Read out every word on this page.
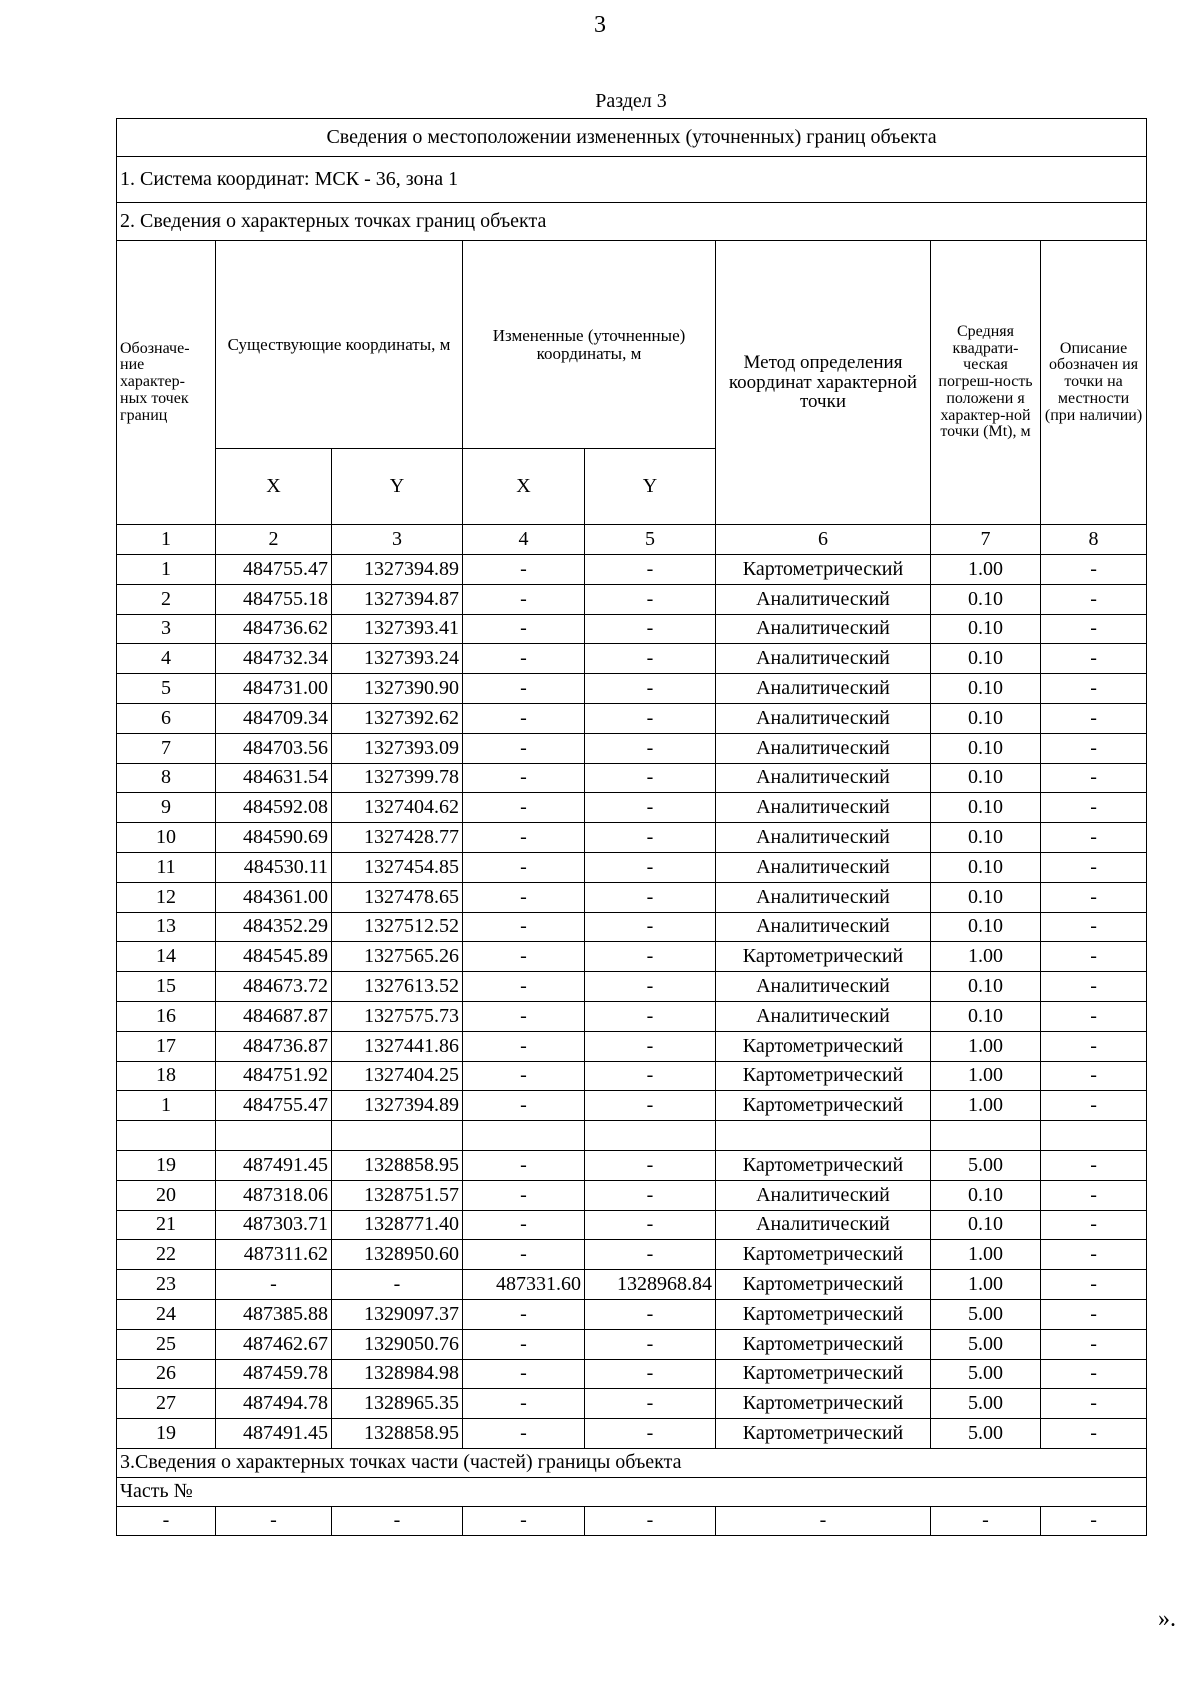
3
Раздел 3
Сведения о местоположении измененных (уточненных) границ объекта							
1. Система координат: МСК - 36, зона 1							
2. Сведения о характерных точках границ объекта							
Обозначе-ние характер-ных точек границ	Существующие координаты, м		Измененные (уточненные) координаты, м		Метод определения координат характерной точки	Средняя квадрати-ческая погреш-ность положени я характер-ной точки (Mt), м	Описание обозначен ия точки на местности (при наличии)
	X	Y	X	Y			
1	2	3	4	5	6	7	8
1	484755.47	1327394.89	-	-	Картометрический	1.00	-
2	484755.18	1327394.87	-	-	Аналитический	0.10	-
3	484736.62	1327393.41	-	-	Аналитический	0.10	-
4	484732.34	1327393.24	-	-	Аналитический	0.10	-
5	484731.00	1327390.90	-	-	Аналитический	0.10	-
6	484709.34	1327392.62	-	-	Аналитический	0.10	-
7	484703.56	1327393.09	-	-	Аналитический	0.10	-
8	484631.54	1327399.78	-	-	Аналитический	0.10	-
9	484592.08	1327404.62	-	-	Аналитический	0.10	-
10	484590.69	1327428.77	-	-	Аналитический	0.10	-
11	484530.11	1327454.85	-	-	Аналитический	0.10	-
12	484361.00	1327478.65	-	-	Аналитический	0.10	-
13	484352.29	1327512.52	-	-	Аналитический	0.10	-
14	484545.89	1327565.26	-	-	Картометрический	1.00	-
15	484673.72	1327613.52	-	-	Аналитический	0.10	-
16	484687.87	1327575.73	-	-	Аналитический	0.10	-
17	484736.87	1327441.86	-	-	Картометрический	1.00	-
18	484751.92	1327404.25	-	-	Картометрический	1.00	-
1	484755.47	1327394.89	-	-	Картометрический	1.00	-

19	487491.45	1328858.95	-	-	Картометрический	5.00	-
20	487318.06	1328751.57	-	-	Аналитический	0.10	-
21	487303.71	1328771.40	-	-	Аналитический	0.10	-
22	487311.62	1328950.60	-	-	Картометрический	1.00	-
23	-	-	487331.60	1328968.84	Картометрический	1.00	-
24	487385.88	1329097.37	-	-	Картометрический	5.00	-
25	487462.67	1329050.76	-	-	Картометрический	5.00	-
26	487459.78	1328984.98	-	-	Картометрический	5.00	-
27	487494.78	1328965.35	-	-	Картометрический	5.00	-
19	487491.45	1328858.95	-	-	Картометрический	5.00	-
3.Сведения о характерных точках части (частей) границы объекта							
Часть №							
-	-	-	-	-	-	-	-
».
